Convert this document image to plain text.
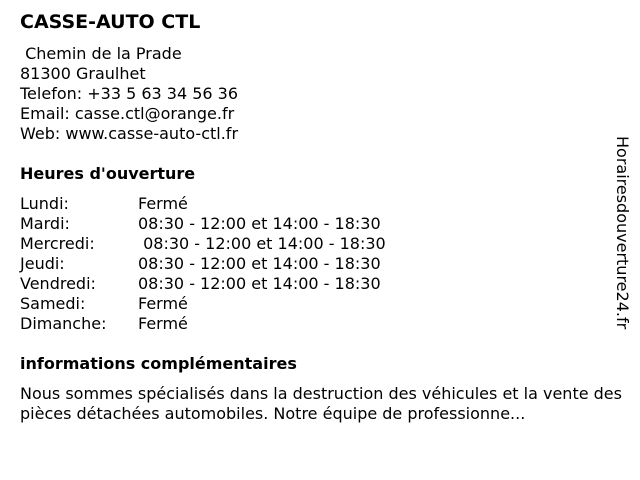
CASSE-AUTO CTL
Chemin de la Prade
81300 Graulhet
Telefon: +33 5 63 34 56 36
Email: casse.ctl@orange.fr
Web: www.casse-auto-ctl.fr
Heures d'ouverture
Lundi:	Fermé
Mardi:	08:30 - 12:00 et 14:00 - 18:30
Mercredi:	08:30 - 12:00 et 14:00 - 18:30
Jeudi:	08:30 - 12:00 et 14:00 - 18:30
Vendredi:	08:30 - 12:00 et 14:00 - 18:30
Samedi:	Fermé
Dimanche:	Fermé
informations complémentaires
Nous sommes spécialisés dans la destruction des véhicules et la vente des pièces détachées automobiles. Notre équipe de professionne...
Horairesdouverture24.fr
